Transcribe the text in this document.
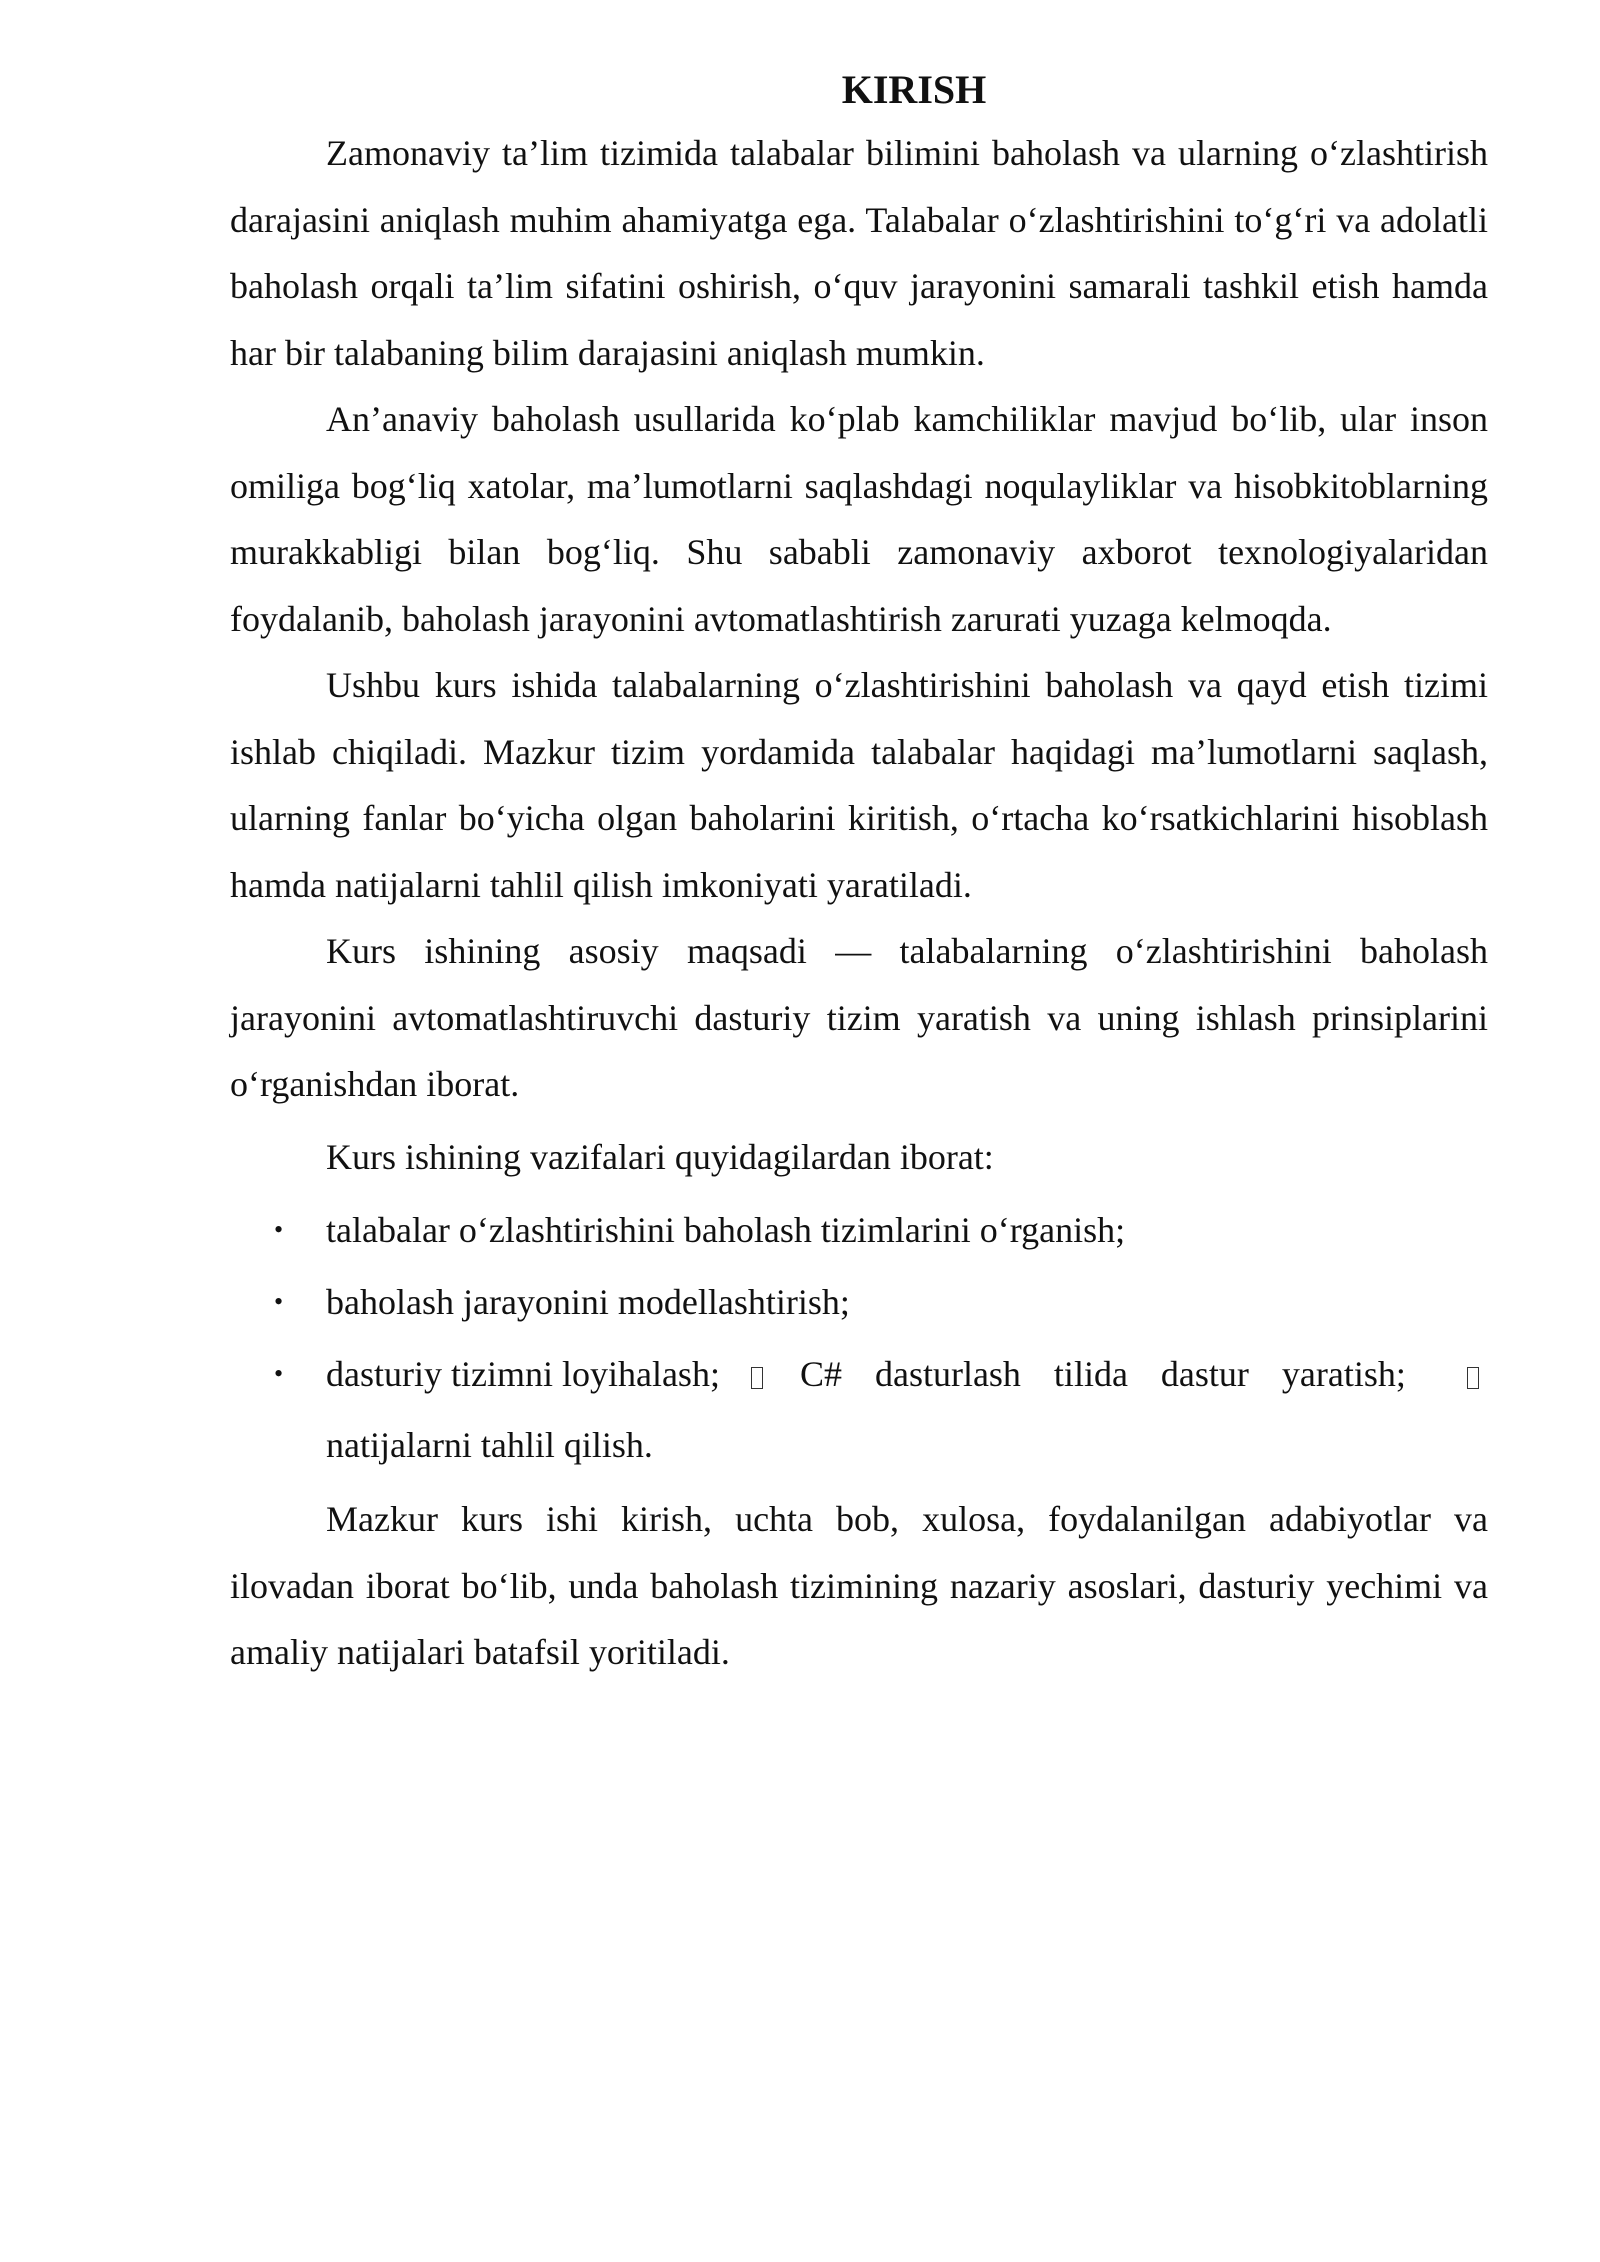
KIRISH

Zamonaviy ta’lim tizimida talabalar bilimini baholash va ularning o‘zlashtirish darajasini aniqlash muhim ahamiyatga ega. Talabalar o‘zlashtirishini to‘g‘ri va adolatli baholash orqali ta’lim sifatini oshirish, o‘quv jarayonini samarali tashkil etish hamda har bir talabaning bilim darajasini aniqlash mumkin.

An’anaviy baholash usullarida ko‘plab kamchiliklar mavjud bo‘lib, ular inson omiliga bog‘liq xatolar, ma’lumotlarni saqlashdagi noqulayliklar va hisobkitoblarning murakkabligi bilan bog‘liq. Shu sababli zamonaviy axborot texnologiyalaridan foydalanib, baholash jarayonini avtomatlashtirish zarurati yuzaga kelmoqda.

Ushbu kurs ishida talabalarning o‘zlashtirishini baholash va qayd etish tizimi ishlab chiqiladi. Mazkur tizim yordamida talabalar haqidagi ma’lumotlarni saqlash, ularning fanlar bo‘yicha olgan baholarini kiritish, o‘rtacha ko‘rsatkichlarini hisoblash hamda natijalarni tahlil qilish imkoniyati yaratiladi.

Kurs ishining asosiy maqsadi — talabalarning o‘zlashtirishini baholash jarayonini avtomatlashtiruvchi dasturiy tizim yaratish va uning ishlash prinsiplarini o‘rganishdan iborat.

Kurs ishining vazifalari quyidagilardan iborat:

• talabalar o‘zlashtirishini baholash tizimlarini o‘rganish;
• baholash jarayonini modellashtirish;
• dasturiy tizimni loyihalash; C# dasturlash tilida dastur yaratish;
natijalarni tahlil qilish.

Mazkur kurs ishi kirish, uchta bob, xulosa, foydalanilgan adabiyotlar va ilovadan iborat bo‘lib, unda baholash tizimining nazariy asoslari, dasturiy yechimi va amaliy natijalari batafsil yoritiladi.
